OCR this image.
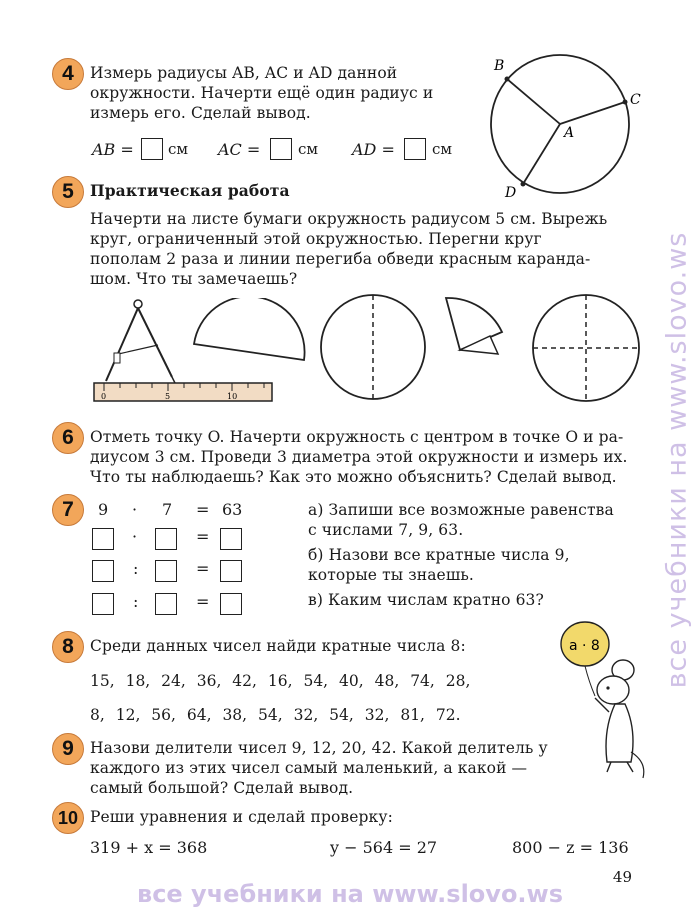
4	Измерь радиусы AB, AC и AD данной
окружности. Начерти ещё один радиус и
измерь его. Сделай вывод.
AB = см AC =	см AD = см
A
B
C
D
5	Практическая работа
Начерти на листе бумаги окружность радиусом 5 см. Вырежь
круг, ограниченный этой окружностью. Перегни круг
пополам 2 раза и линии перегиба обведи красным каранда-
шом. Что ты замечаешь?
0	5	10
6	Отметь точку O. Начерти окружность с центром в точке O и ра-
диусом 3 см. Проведи 3 диаметра этой окружности и измерь их.
Что ты наблюдаешь? Как это можно объяснить? Сделай вывод.
7	9 · 7 = 63
·	=
:	=
:	=
а) Запиши все возможные равенства
с числами 7, 9, 63.
б) Назови все кратные числа 9,
которые ты знаешь.
в) Каким числам кратно 63?
8	Среди данных чисел найди кратные числа 8:
15, 18, 24, 36, 42, 16, 54, 40, 48, 74, 28,
8, 12, 56, 64, 38, 54, 32, 54, 32, 81, 72.
a · 8
9	Назови делители чисел 9, 12, 20, 42. Какой делитель у
каждого из этих чисел самый маленький, а какой —
самый большой? Сделай вывод.
10 Реши уравнения и сделай проверку:
319 + x = 368	y − 564 = 27	800 − z = 136
49
все учебники на www.slovo.ws
все учебники на www.slovo.ws
